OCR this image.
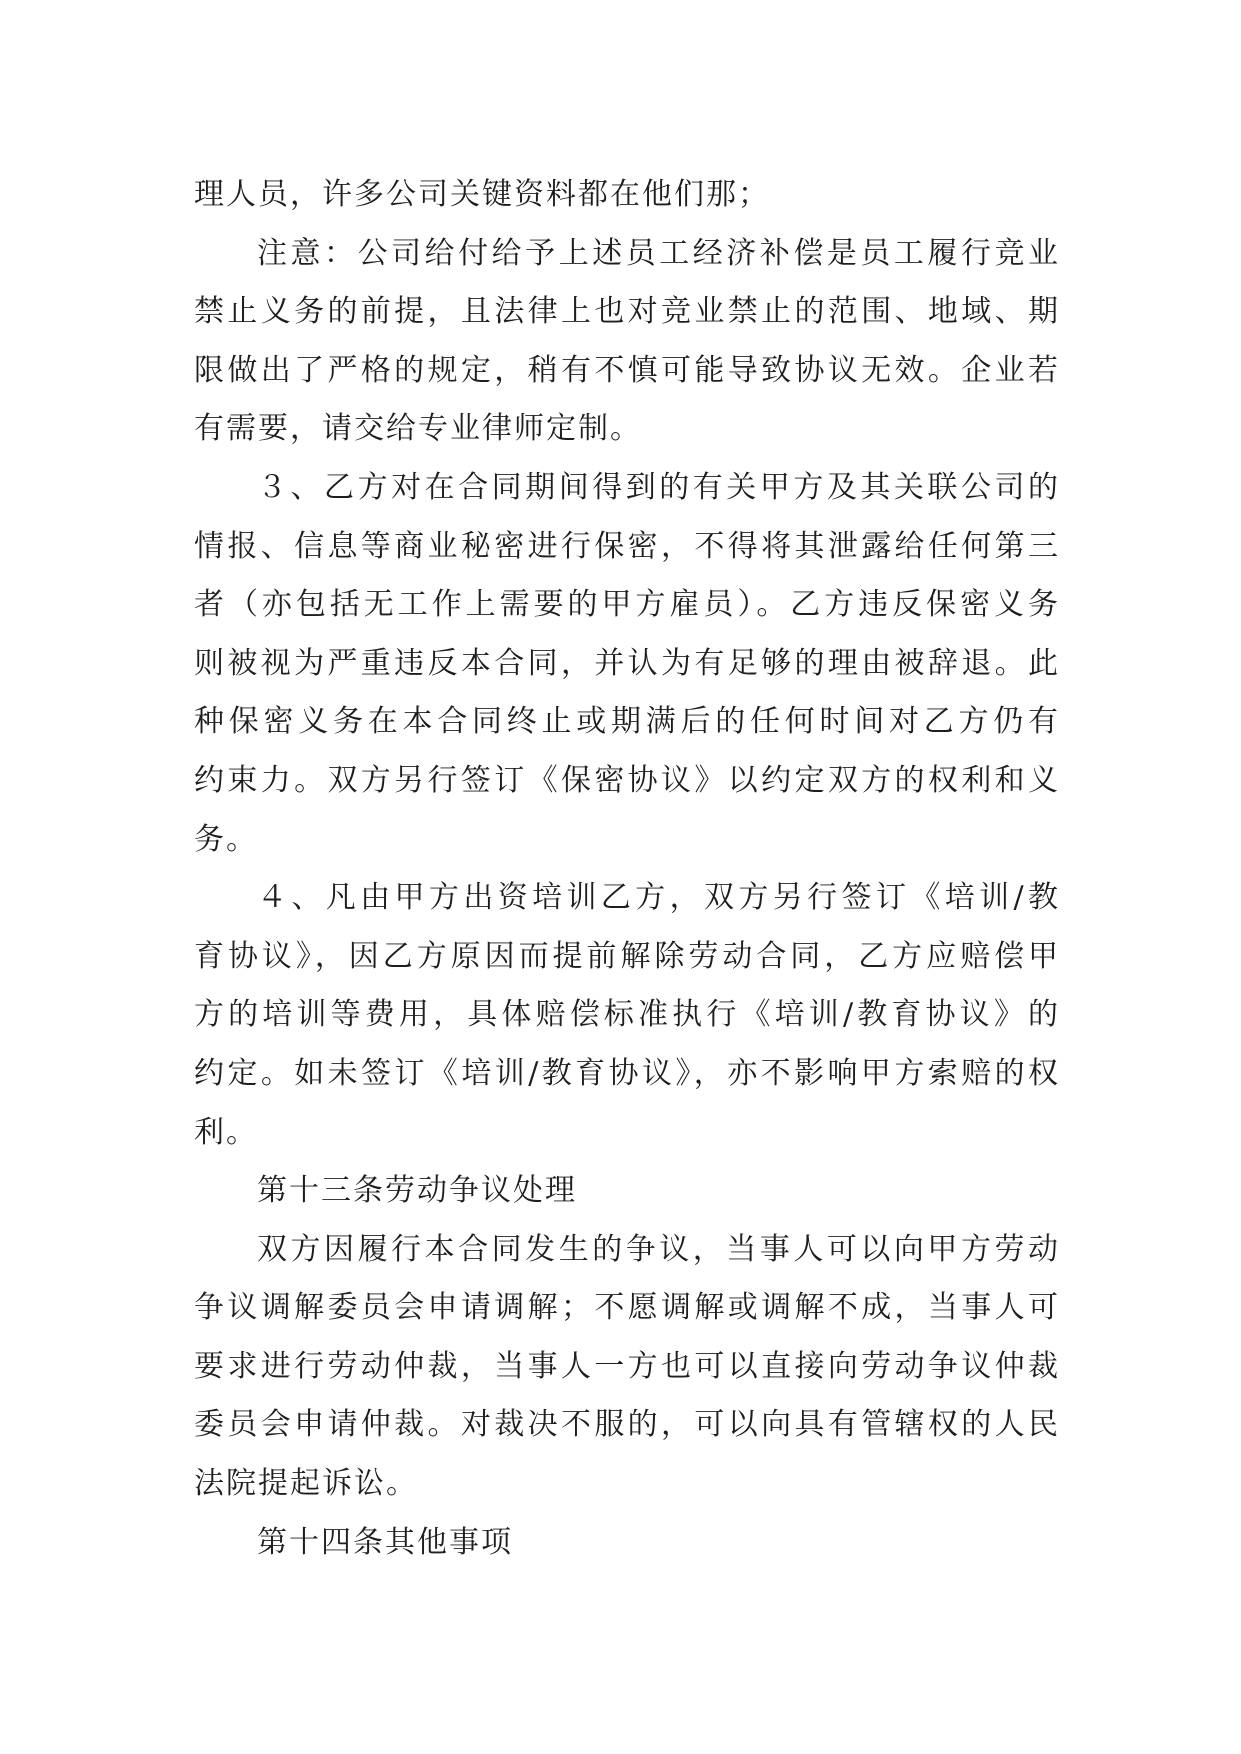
理人员，许多公司关键资料都在他们那；
注意：公司给付给予上述员工经济补偿是员工履行竞业
禁止义务的前提，且法律上也对竞业禁止的范围、地域、期
限做出了严格的规定，稍有不慎可能导致协议无效。企业若
有需要，请交给专业律师定制。
３、乙方对在合同期间得到的有关甲方及其关联公司的
情报、信息等商业秘密进行保密，不得将其泄露给任何第三
者（亦包括无工作上需要的甲方雇员）。乙方违反保密义务
则被视为严重违反本合同，并认为有足够的理由被辞退。此
种保密义务在本合同终止或期满后的任何时间对乙方仍有
约束力。双方另行签订《保密协议》以约定双方的权利和义
务。
４、凡由甲方出资培训乙方，双方另行签订《培训/教
育协议》，因乙方原因而提前解除劳动合同，乙方应赔偿甲
方的培训等费用，具体赔偿标准执行《培训/教育协议》的
约定。如未签订《培训/教育协议》，亦不影响甲方索赔的权
利。
第十三条劳动争议处理
双方因履行本合同发生的争议，当事人可以向甲方劳动
争议调解委员会申请调解；不愿调解或调解不成，当事人可
要求进行劳动仲裁，当事人一方也可以直接向劳动争议仲裁
委员会申请仲裁。对裁决不服的，可以向具有管辖权的人民
法院提起诉讼。
第十四条其他事项
